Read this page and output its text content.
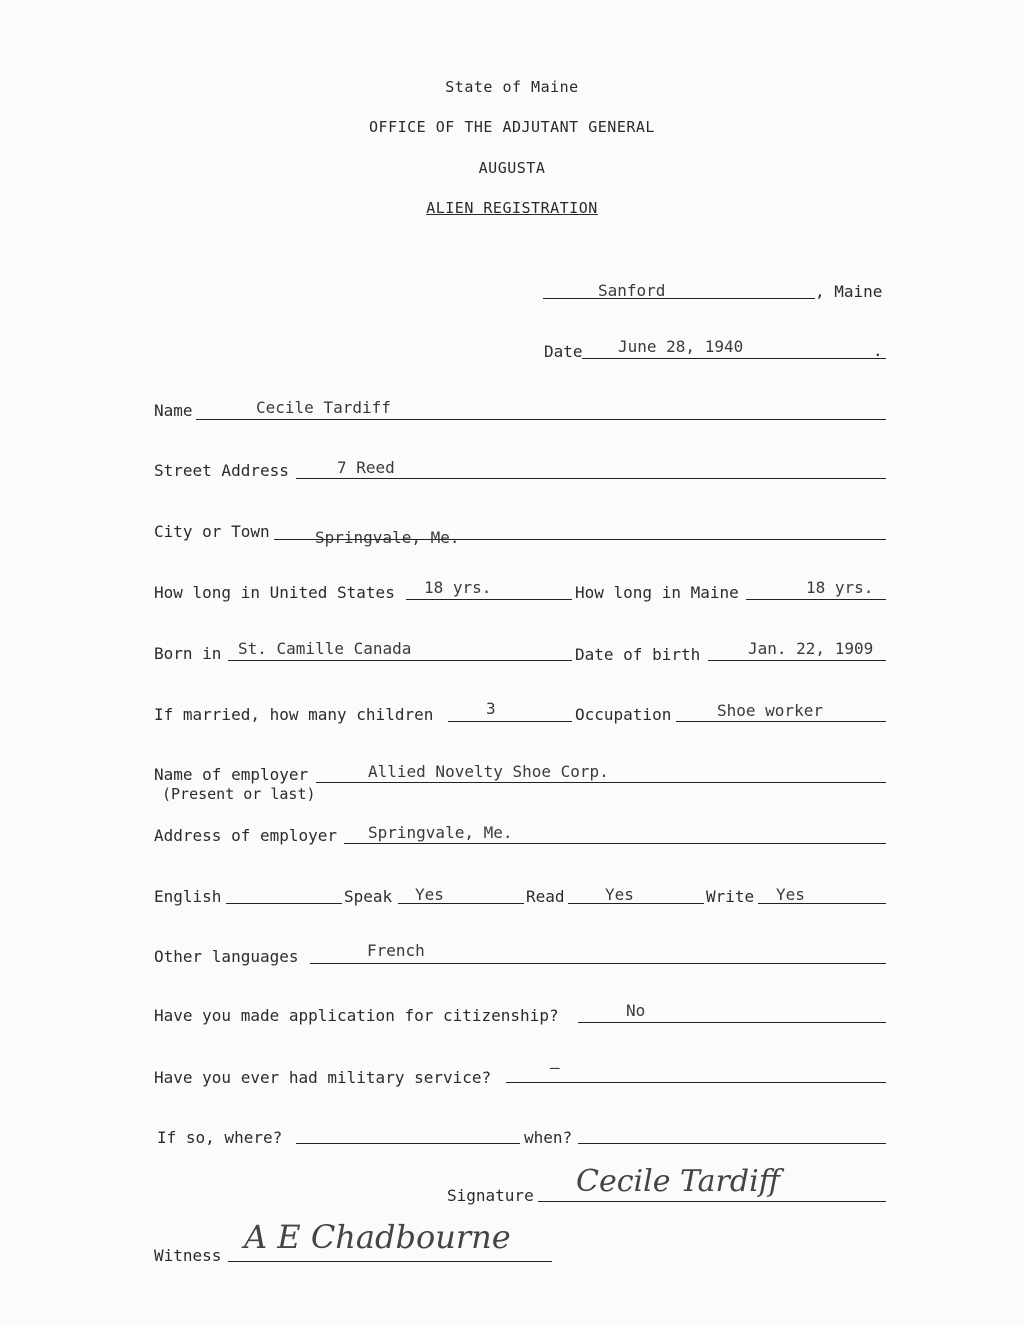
State of Maine
OFFICE OF THE ADJUTANT GENERAL
AUGUSTA
ALIEN REGISTRATION
Sanford	, Maine
Date June 28, 1940	.
Name	Cecile Tardiff
Street Address	7 Reed
City or Town	Springvale, Me.
How long in United States 18 yrs.	How long in Maine	18 yrs.
Born in St. Camille Canada	Date of birth	Jan. 22, 1909
If married, how many children	3	Occupation	Shoe worker
Name of employer	Allied Novelty Shoe Corp.
(Present or last)
Address of employer Springvale, Me.
English	Speak Yes	Read	Yes	Write Yes
Other languages	French
Have you made application for citizenship?	No
Have you ever had military service?
—
If so, where?	when?
Signature Cecile Tardiff
Witness A E Chadbourne
